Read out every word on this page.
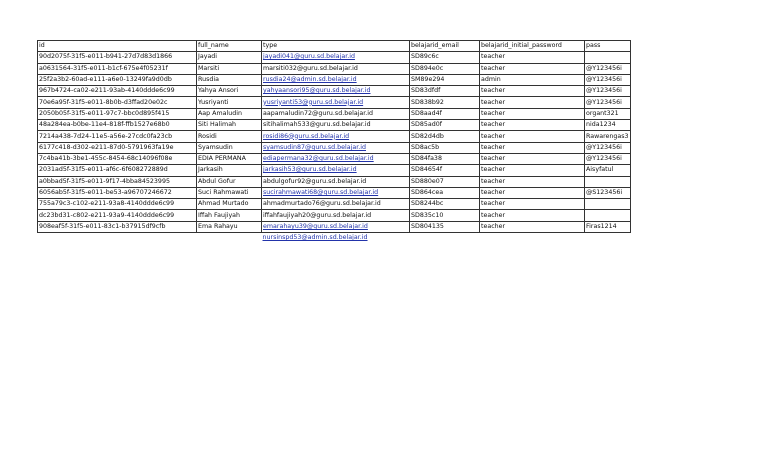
id	full_name	type	belajarid_email	belajarid_initial_password	pass
90d2075f-31f5-e011-b941-27d7d83d1866	Jayadi	jayadi041@guru.sd.belajar.id	SD89c6c	teacher	
a0631564-31f5-e011-b1cf-675e4f05231f	Marsiti	marsiti032@guru.sd.belajar.id	SD894e0c	teacher	@Y123456i
25f2a3b2-60ad-e111-a6e0-13249fa9d0db	Rusdia	rusdia24@admin.sd.belajar.id	SM89e294	admin	@Y123456i
967b4724-ca02-e211-93ab-4140ddde6c99	Yahya Ansori	yahyaansori95@guru.sd.belajar.id	SD83dfdf	teacher	@Y123456i
70e6a95f-31f5-e011-8b0b-d3ffad20e02c	Yusriyanti	yusriyanti53@guru.sd.belajar.id	SD838b92	teacher	@Y123456i
2050b05f-31f5-e011-97c7-bbc0d895f415	Aap Amaludin	aapamaludin72@guru.sd.belajar.id	SD8aad4f	teacher	organt321
48a284ea-b0be-11e4-818f-ffb1527e68b0	Siti Halimah	sitihalimah533@guru.sd.belajar.id	SD85ad0f	teacher	nida1234
7214a438-7d24-11e5-a56e-27cdc0fa23cb	Rosidi	rosidi86@guru.sd.belajar.id	SD82d4db	teacher	Rawarengas3
6177c418-d302-e211-87d0-5791963fa19e	Syamsudin	syamsudin87@guru.sd.belajar.id	SD8ac5b	teacher	@Y123456i
7c4ba41b-3be1-455c-8454-68c14096f08e	EDIA PERMANA	ediapermana32@guru.sd.belajar.id	SD84fa38	teacher	@Y123456i
2031ad5f-31f5-e011-af6c-6f608272889d	Jarkasih	jarkasih53@guru.sd.belajar.id	SD84654f	teacher	Aisyfatul
a0bbad5f-31f5-e011-9f17-4bba84523995	Abdul Gofur	abdulgofur92@guru.sd.belajar.id	SD880e07	teacher	
6056ab5f-31f5-e011-be53-a96707246672	Suci Rahmawati	sucirahmawati68@guru.sd.belajar.id	SD864cea	teacher	@S123456i
755a79c3-c102-e211-93a8-4140ddde6c99	Ahmad Murtado	ahmadmurtado76@guru.sd.belajar.id	SD8244bc	teacher	
dc23bd31-c802-e211-93a9-4140ddde6c99	Iffah Faujiyah	iffahfaujiyah20@guru.sd.belajar.id	SD835c10	teacher	
908eaf5f-31f5-e011-83c1-b37915df9cfb	Ema Rahayu	emarahayu39@guru.sd.belajar.id	SD804135	teacher	Firas1214
		nursinspd53@admin.sd.belajar.id			
